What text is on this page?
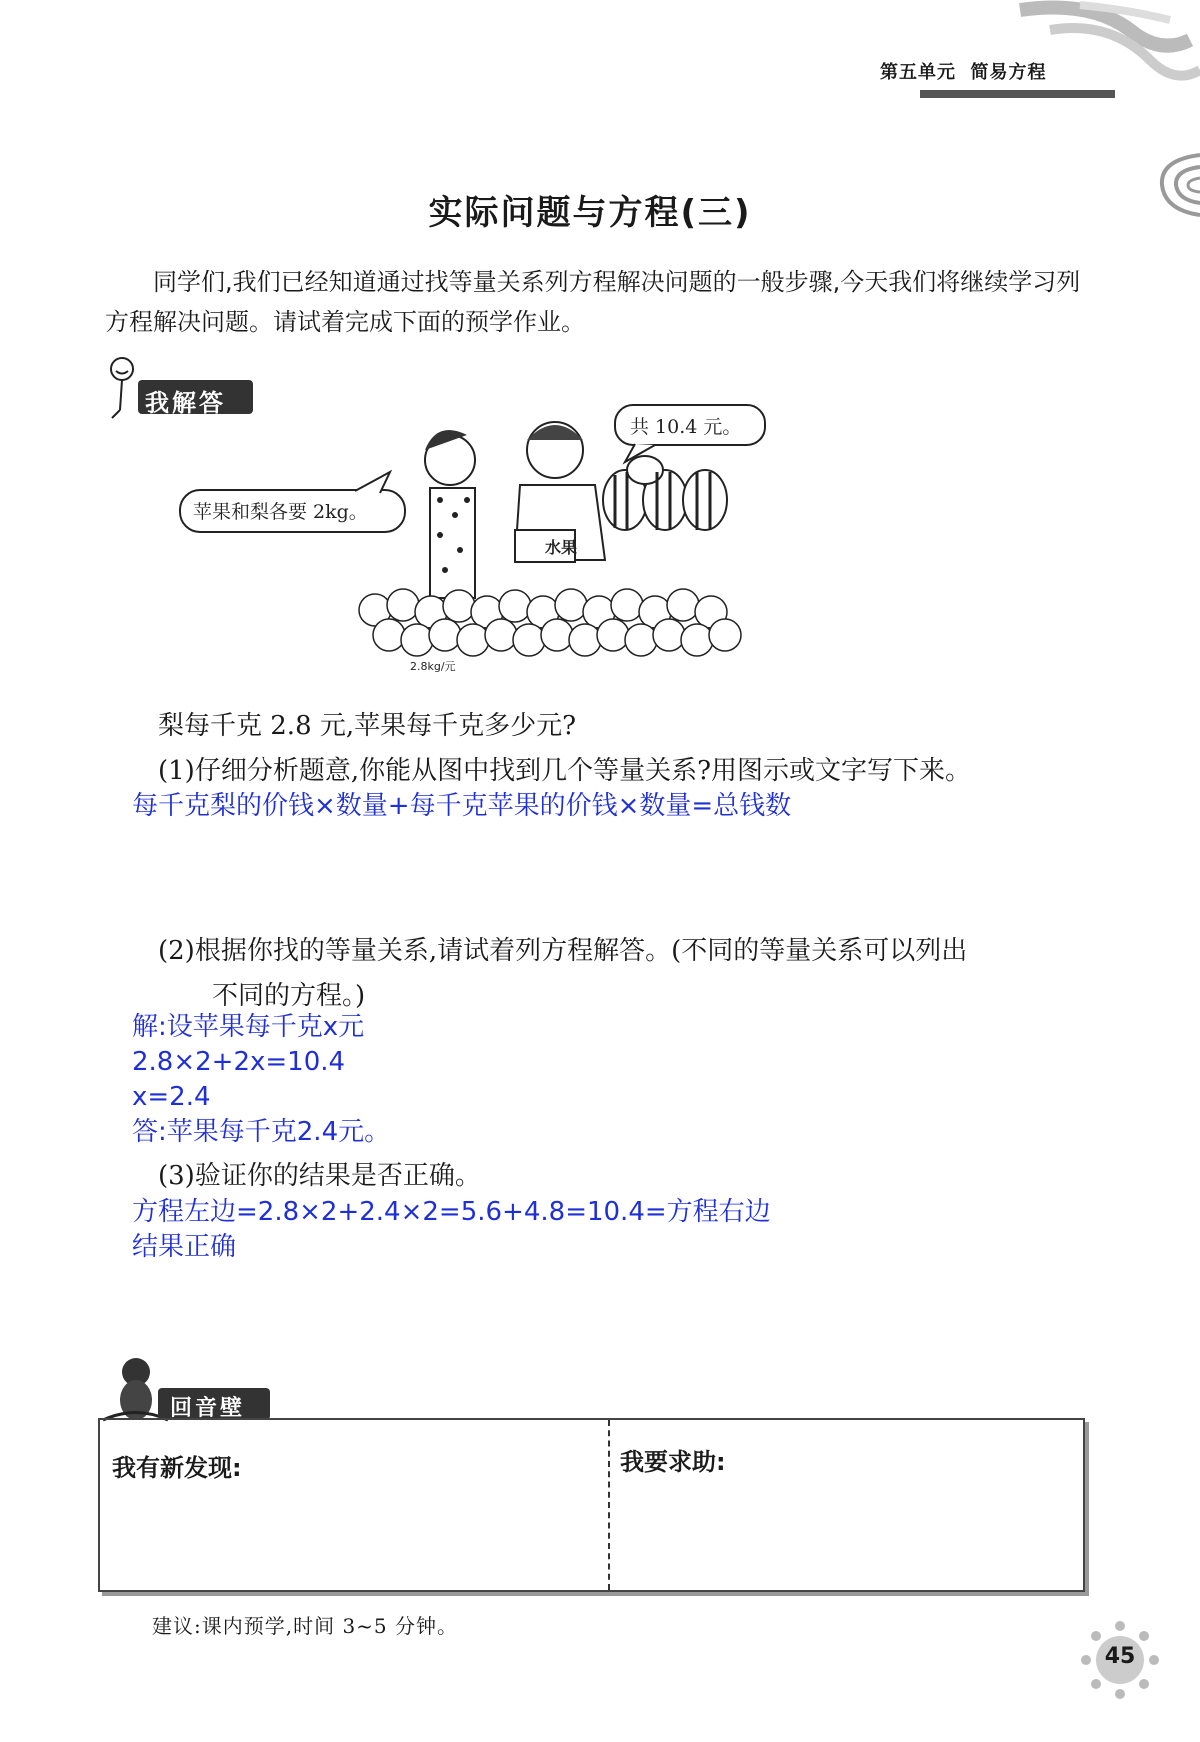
第五单元 简易方程
实际问题与方程(三)
同学们,我们已经知道通过找等量关系列方程解决问题的一般步骤,今天我们将继续学习列方程解决问题。请试着完成下面的预学作业。
我解答
水果
2.8kg/元
苹果和梨各要 2kg。
共 10.4 元。
梨每千克 2.8 元,苹果每千克多少元?
(1)仔细分析题意,你能从图中找到几个等量关系?用图示或文字写下来。
每千克梨的价钱×数量+每千克苹果的价钱×数量=总钱数
(2)根据你找的等量关系,请试着列方程解答。(不同的等量关系可以列出
不同的方程。)
解:设苹果每千克x元
2.8×2+2x=10.4
x=2.4
答:苹果每千克2.4元。
(3)验证你的结果是否正确。
方程左边=2.8×2+2.4×2=5.6+4.8=10.4=方程右边
结果正确
回音壁
我有新发现:	我要求助:
建议:课内预学,时间 3~5 分钟。
45
